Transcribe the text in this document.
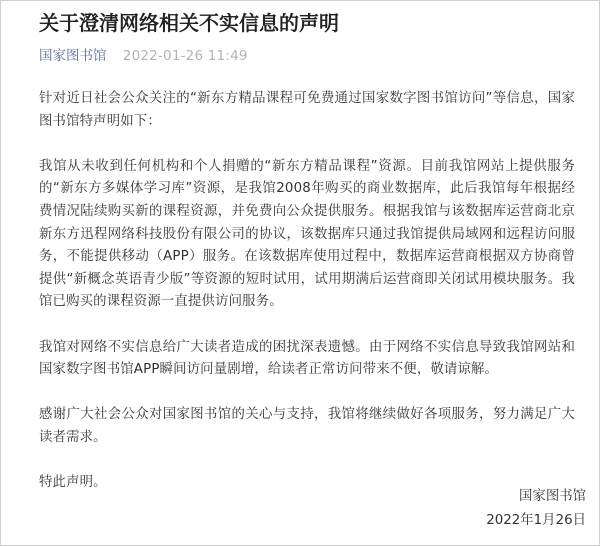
关于澄清网络相关不实信息的声明
国家图书馆 2022-01-26 11:49

针对近日社会公众关注的“新东方精品课程可免费通过国家数字图书馆访问”等信息，国家图书馆特声明如下：

我馆从未收到任何机构和个人捐赠的“新东方精品课程”资源。目前我馆网站上提供服务的“新东方多媒体学习库”资源，是我馆2008年购买的商业数据库，此后我馆每年根据经费情况陆续购买新的课程资源，并免费向公众提供服务。根据我馆与该数据库运营商北京新东方迅程网络科技股份有限公司的协议，该数据库只通过我馆提供局域网和远程访问服务，不能提供移动（APP）服务。在该数据库使用过程中，数据库运营商根据双方协商曾提供“新概念英语青少版”等资源的短时试用，试用期满后运营商即关闭试用模块服务。我馆已购买的课程资源一直提供访问服务。

我馆对网络不实信息给广大读者造成的困扰深表遗憾。由于网络不实信息导致我馆网站和国家数字图书馆APP瞬间访问量剧增，给读者正常访问带来不便，敬请谅解。

感谢广大社会公众对国家图书馆的关心与支持，我馆将继续做好各项服务，努力满足广大读者需求。

特此声明。

国家图书馆
2022年1月26日
